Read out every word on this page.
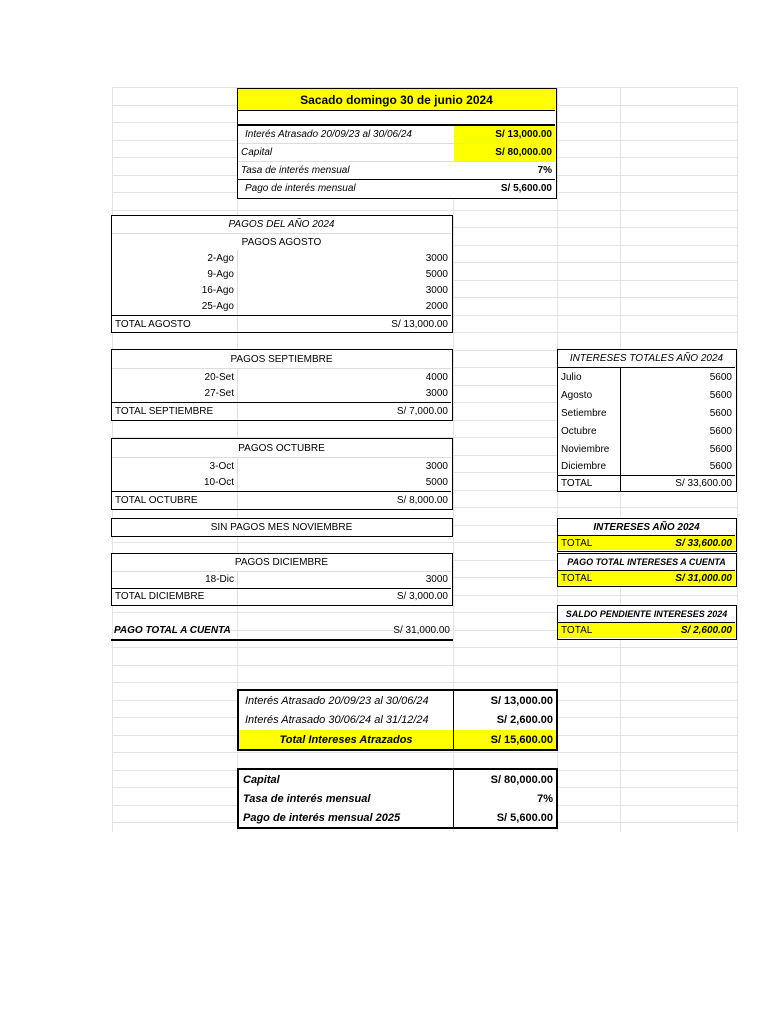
Sacado domingo 30 de junio 2024
Interés Atrasado 20/09/23 al 30/06/24	S/ 13,000.00
Capital	S/ 80,000.00
Tasa de interés mensual	7%
Pago de interés mensual	S/ 5,600.00
PAGOS DEL AÑO 2024
PAGOS AGOSTO
2-Ago	3000
9-Ago	5000
16-Ago	3000
25-Ago	2000
TOTAL AGOSTO	S/ 13,000.00
PAGOS SEPTIEMBRE
20-Set	4000
27-Set	3000
TOTAL SEPTIEMBRE	S/ 7,000.00
PAGOS OCTUBRE
3-Oct	3000
10-Oct	5000
TOTAL OCTUBRE	S/ 8,000.00
SIN PAGOS MES NOVIEMBRE
PAGOS DICIEMBRE
18-Dic	3000
TOTAL DICIEMBRE	S/ 3,000.00
PAGO TOTAL A CUENTA	S/ 31,000.00
INTERESES TOTALES AÑO 2024
Julio	5600
Agosto	5600
Setiembre	5600
Octubre	5600
Noviembre	5600
Diciembre	5600
TOTAL	S/ 33,600.00
INTERESES AÑO 2024
TOTAL	S/ 33,600.00
PAGO TOTAL INTERESES A CUENTA
TOTAL	S/ 31,000.00
SALDO PENDIENTE INTERESES 2024
TOTAL	S/ 2,600.00
Interés Atrasado 20/09/23 al 30/06/24	S/ 13,000.00
Interés Atrasado 30/06/24 al 31/12/24	S/ 2,600.00
Total Intereses Atrazados	S/ 15,600.00
Capital	S/ 80,000.00
Tasa de interés mensual	7%
Pago de interés mensual 2025	S/ 5,600.00
